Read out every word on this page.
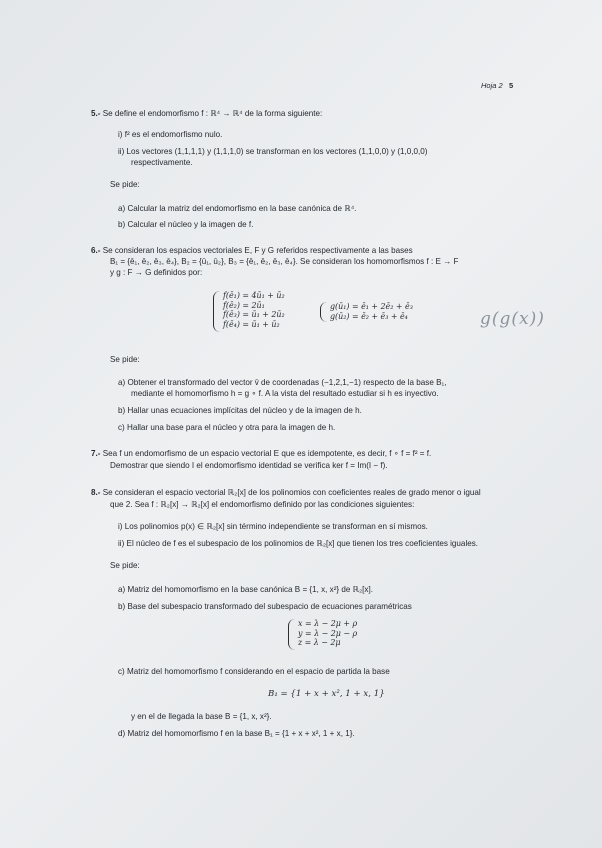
Hoja 2 5
5.- Se define el endomorfismo f : ℝ⁴ → ℝ⁴ de la forma siguiente:
i) f² es el endomorfismo nulo.
ii) Los vectores (1,1,1,1) y (1,1,1,0) se transforman en los vectores (1,1,0,0) y (1,0,0,0)
respectivamente.
Se pide:
a) Calcular la matriz del endomorfismo en la base canónica de ℝ⁴.
b) Calcular el núcleo y la imagen de f.
6.- Se consideran los espacios vectoriales E, F y G referidos respectivamente a las bases
B₁ = {ē₁, ē₂, ē₃, ē₄}, B₂ = {ū₁, ū₂}, B₃ = {ē₁, ē₂, ē₃, ē₄}. Se consideran los homomorfismos f : E → F
y g : F → G definidos por:
f(ē₁) = 4ū₁ + ū₂
f(ē₂) = 2ū₁
f(ē₃) = ū₁ + 2ū₂
f(ē₄) = ū₁ + ū₂
g(ū₁) = ē₁ + 2ē₂ + ē₃
g(ū₂) = ē₂ + ē₃ + ē₄	g(g(x))
Se pide:
a) Obtener el transformado del vector v̄ de coordenadas (−1,2,1,−1) respecto de la base B₁,
mediante el homomorfismo h = g ∘ f. A la vista del resultado estudiar si h es inyectivo.
b) Hallar unas ecuaciones implícitas del núcleo y de la imagen de h.
c) Hallar una base para el núcleo y otra para la imagen de h.
7.- Sea f un endomorfismo de un espacio vectorial E que es idempotente, es decir, f ∘ f = f² = f.
Demostrar que siendo I el endomorfismo identidad se verifica ker f = Im(I − f).
8.- Se consideran el espacio vectorial ℝ₂[x] de los polinomios con coeficientes reales de grado menor o igual
que 2. Sea f : ℝ₂[x] → ℝ₂[x] el endomorfismo definido por las condiciones siguientes:
i) Los polinomios p(x) ∈ ℝ₂[x] sin término independiente se transforman en sí mismos.
ii) El núcleo de f es el subespacio de los polinomios de ℝ₂[x] que tienen los tres coeficientes iguales.
Se pide:
a) Matriz del homomorfismo en la base canónica B = {1, x, x²} de ℝ₂[x].
b) Base del subespacio transformado del subespacio de ecuaciones paramétricas
x = λ − 2μ + ρ
y = λ − 2μ − ρ
z = λ − 2μ
c) Matriz del homomorfismo f considerando en el espacio de partida la base
B₁ = {1 + x + x², 1 + x, 1}
y en el de llegada la base B = {1, x, x²}.
d) Matriz del homomorfismo f en la base B₁ = {1 + x + x², 1 + x, 1}.
